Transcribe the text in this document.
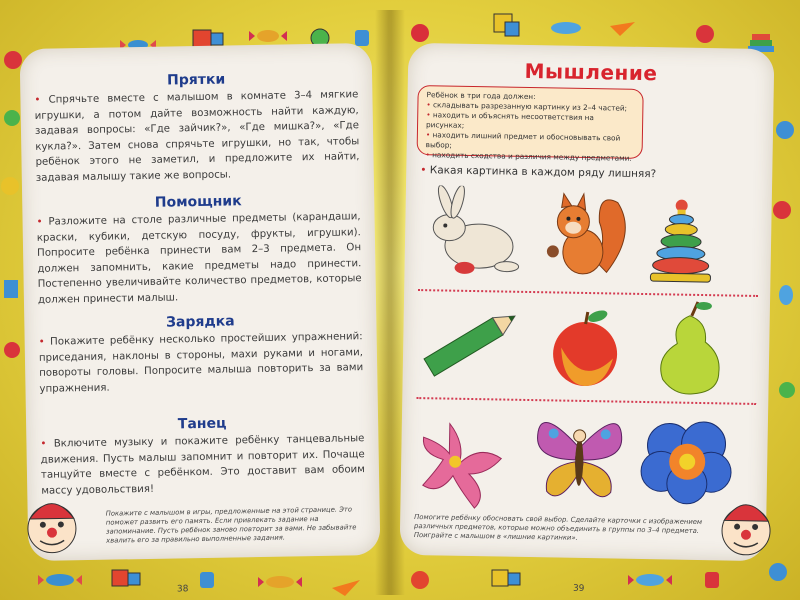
Прятки
• Спрячьте вместе с малышом в комнате 3–4 мягкие игрушки, а потом дайте возможность найти каждую, задавая вопросы: «Где зайчик?», «Где мишка?», «Где кукла?». Затем снова спрячьте игрушки, но так, чтобы ребёнок этого не заметил, и предложите их найти, задавая малышу такие же вопросы.
Помощник
• Разложите на столе различные предметы (карандаши, краски, кубики, детскую посуду, фрукты, игрушки). Попросите ребёнка принести вам 2–3 предмета. Он должен запомнить, какие предметы надо принести. Постепенно увеличивайте количество предметов, которые должен принести малыш.
Зарядка
• Покажите ребёнку несколько простейших упражнений: приседания, наклоны в стороны, махи руками и ногами, повороты головы. Попросите малыша повторить за вами упражнения.
Танец
• Включите музыку и покажите ребёнку танцевальные движения. Пусть малыш запомнит и повторит их. Почаще танцуйте вместе с ребёнком. Это доставит вам обоим массу удовольствия!
Покажите с малышом в игры, предложенные на этой странице. Это поможет развить его память. Если привлекать задание на запоминание. Пусть ребёнок заново повторит за вами. Не забывайте хвалить его за правильно выполненные задания.
38
Мышление
Ребёнок в три года должен:
• складывать разрезанную картинку из 2–4 частей;
• находить и объяснять несоответствия на рисунках;
• находить лишний предмет и обосновывать свой выбор;
• находить сходства и различия между предметами.
• Какая картинка в каждом ряду лишняя?
Помогите ребёнку обосновать свой выбор. Сделайте карточки с изображением различных предметов, которые можно объединить в группы по 3–4 предмета. Поиграйте с малышом в «лишние картинки».
39
